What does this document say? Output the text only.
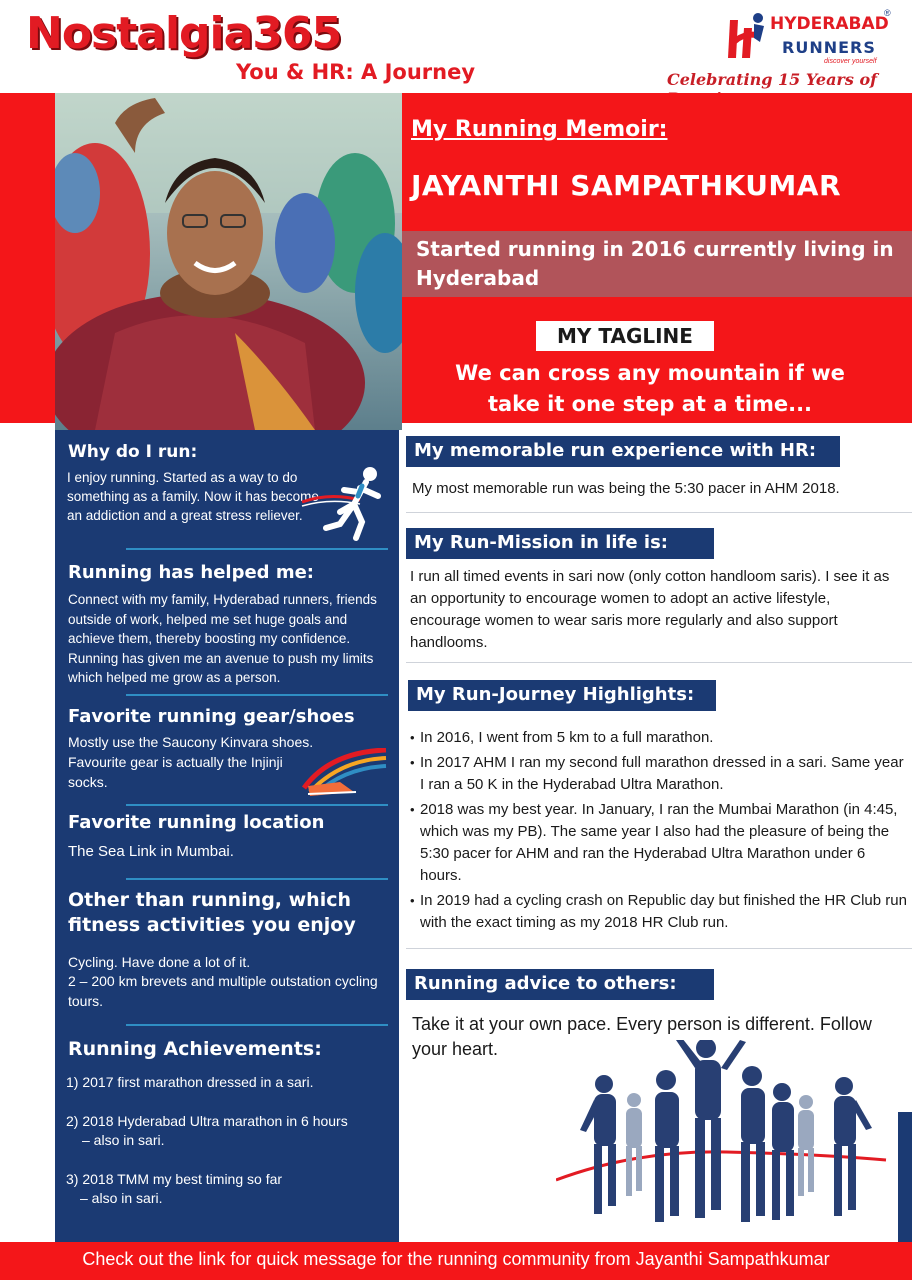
Nostalgia365
You & HR: A Journey
HYDERABAD
RUNNERS
discover yourself
®
Celebrating 15 Years of
My Running Memoir:
JAYANTHI SAMPATHKUMAR
Started running in 2016 currently living in Hyderabad
MY TAGLINE
We can cross any mountain if we take it one step at a time...
Why do I run:
I enjoy running. Started as a way to do something as a family. Now it has become an addiction and a great stress reliever.
Running has helped me:
Connect with my family, Hyderabad runners, friends outside of work, helped me set huge goals and achieve them, thereby boosting my confidence. Running has given me an avenue to push my limits which helped me grow as a person.
Favorite running gear/shoes
Mostly use the Saucony Kinvara shoes.
Favourite gear is actually the Injinji socks.
Favorite running location
The Sea Link in Mumbai.
Other than running, which fitness activities you enjoy
Cycling. Have done a lot of it.
2 – 200 km brevets and multiple outstation cycling tours.
Running Achievements:
1) 2017 first marathon dressed in a sari.
2) 2018 Hyderabad Ultra marathon in 6 hours
– also in sari.
3) 2018 TMM my best timing so far
– also in sari.
My memorable run experience with HR:
My most memorable run was being the 5:30 pacer in AHM 2018.
My Run-Mission in life is:
I run all timed events in sari now (only cotton handloom saris). I see it as an opportunity to encourage women to adopt an active lifestyle, encourage women to wear saris more regularly and also support handlooms.
My Run-Journey Highlights:
• In 2016, I went from 5 km to a full marathon.
• In 2017 AHM I ran my second full marathon dressed in a sari. Same year I ran a 50 K in the Hyderabad Ultra Marathon.
• 2018 was my best year. In January, I ran the Mumbai Marathon (in 4:45, which was my PB). The same year I also had the pleasure of being the 5:30 pacer for AHM and ran the Hyderabad Ultra Marathon under 6 hours.
• In 2019 had a cycling crash on Republic day but finished the HR Club run with the exact timing as my 2018 HR Club run.
Running advice to others:
Take it at your own pace. Every person is different. Follow your heart.
Check out the link for quick message for the running community from Jayanthi Sampathkumar
